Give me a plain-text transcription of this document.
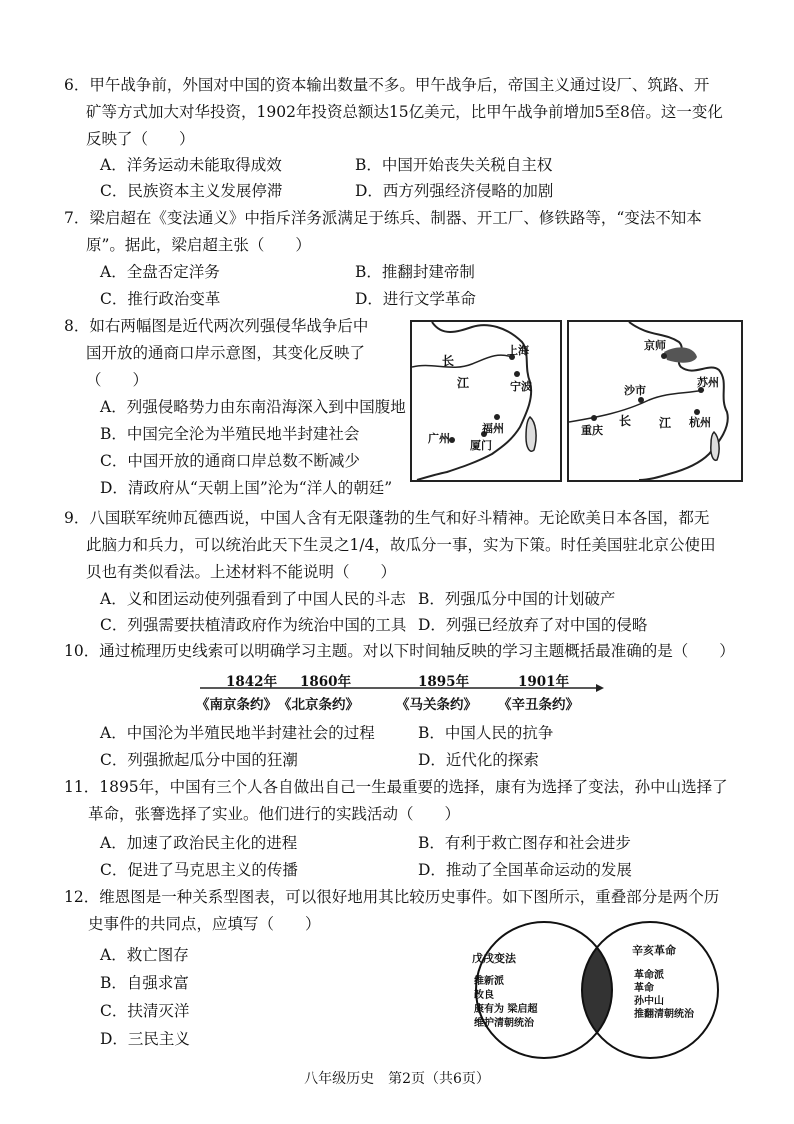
6．甲午战争前，外国对中国的资本输出数量不多。甲午战争后，帝国主义通过设厂、筑路、开
矿等方式加大对华投资，1902年投资总额达15亿美元，比甲午战争前增加5至8倍。这一变化
反映了（　　）
A．洋务运动未能取得成效	B．中国开始丧失关税自主权
C．民族资本主义发展停滞	D．西方列强经济侵略的加剧
7．梁启超在《变法通义》中指斥洋务派满足于练兵、制器、开工厂、修铁路等，“变法不知本
原”。据此，梁启超主张（　　）
A．全盘否定洋务	B．推翻封建帝制
C．推行政治变革	D．进行文学革命
8．如右两幅图是近代两次列强侵华战争后中
国开放的通商口岸示意图，其变化反映了
（　　）
A．列强侵略势力由东南沿海深入到中国腹地
B．中国完全沦为半殖民地半封建社会
C．中国开放的通商口岸总数不断减少
D．清政府从“天朝上国”沦为“洋人的朝廷”
长
江
上海
宁波
福州
厦门
广州
京师
沙市
苏州
长 江 杭州
重庆
9．八国联军统帅瓦德西说，中国人含有无限蓬勃的生气和好斗精神。无论欧美日本各国，都无
此脑力和兵力，可以统治此天下生灵之1/4，故瓜分一事，实为下策。时任美国驻北京公使田
贝也有类似看法。上述材料不能说明（　　）
A．义和团运动使列强看到了中国人民的斗志 B．列强瓜分中国的计划破产
C．列强需要扶植清政府作为统治中国的工具 D．列强已经放弃了对中国的侵略
10．通过梳理历史线索可以明确学习主题。对以下时间轴反映的学习主题概括最准确的是（　　）
1842年 1860年	1895年	1901年
《南京条约》 《北京条约》	《马关条约》 《辛丑条约》
A．中国沦为半殖民地半封建社会的过程	B．中国人民的抗争
C．列强掀起瓜分中国的狂潮	D．近代化的探索
11．1895年，中国有三个人各自做出自己一生最重要的选择，康有为选择了变法，孙中山选择了
革命，张謇选择了实业。他们进行的实践活动（　　）
A．加速了政治民主化的进程	B．有利于救亡图存和社会进步
C．促进了马克思主义的传播	D．推动了全国革命运动的发展
12．维恩图是一种关系型图表，可以很好地用其比较历史事件。如下图所示，重叠部分是两个历
史事件的共同点，应填写（　　）
A．救亡图存
B．自强求富
C．扶清灭洋
D．三民主义
戊戌变法
维新派
改良
康有为 梁启超
维护清朝统治
辛亥革命
革命派
革命
孙中山
推翻清朝统治
八年级历史　第2页（共6页）
